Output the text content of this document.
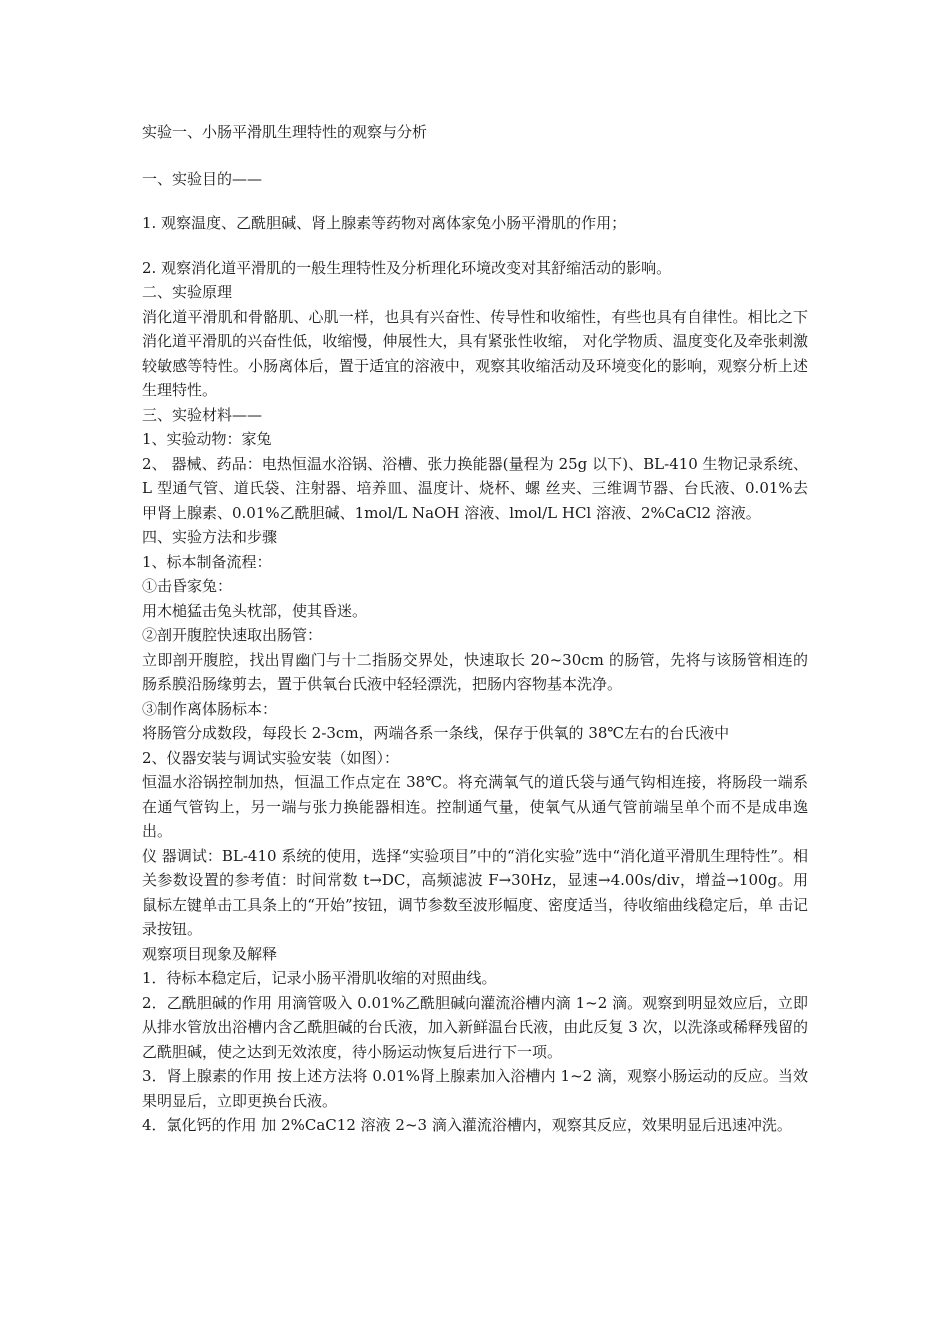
实验一、小肠平滑肌生理特性的观察与分析
一、实验目的——
1. 观察温度、乙酰胆碱、肾上腺素等药物对离体家兔小肠平滑肌的作用；
2. 观察消化道平滑肌的一般生理特性及分析理化环境改变对其舒缩活动的影响。
二、实验原理
消化道平滑肌和骨骼肌、心肌一样，也具有兴奋性、传导性和收缩性，有些也具有自律性。相比之下消化道平滑肌的兴奋性低，收缩慢，伸展性大，具有紧张性收缩， 对化学物质、温度变化及牵张刺激较敏感等特性。小肠离体后，置于适宜的溶液中，观察其收缩活动及环境变化的影响，观察分析上述生理特性。
三、实验材料——
1、实验动物：家兔
2、 器械、药品：电热恒温水浴锅、浴槽、张力换能器(量程为 25g 以下)、BL-410 生物记录系统、L 型通气管、道氏袋、注射器、培养皿、温度计、烧杯、螺 丝夹、三维调节器、台氏液、0.01%去甲肾上腺素、0.01%乙酰胆碱、1mol/L NaOH 溶液、lmol/L HCl 溶液、2%CaCl2 溶液。
四、实验方法和步骤
1、标本制备流程：
①击昏家兔：
用木槌猛击兔头枕部，使其昏迷。
②剖开腹腔快速取出肠管：
立即剖开腹腔，找出胃幽门与十二指肠交界处，快速取长 20~30cm 的肠管，先将与该肠管相连的肠系膜沿肠缘剪去，置于供氧台氏液中轻轻漂洗，把肠内容物基本洗净。
③制作离体肠标本：
将肠管分成数段，每段长 2-3cm，两端各系一条线，保存于供氧的 38℃左右的台氏液中
2、仪器安装与调试实验安装（如图）：
恒温水浴锅控制加热，恒温工作点定在 38℃。将充满氧气的道氏袋与通气钩相连接，将肠段一端系在通气管钩上，另一端与张力换能器相连。控制通气量，使氧气从通气管前端呈单个而不是成串逸出。
仪 器调试：BL-410 系统的使用，选择“实验项目”中的“消化实验”选中“消化道平滑肌生理特性”。相关参数设置的参考值：时间常数 t→DC，高频滤波 F→30Hz，显速→4.00s/div，增益→100g。用鼠标左键单击工具条上的“开始”按钮，调节参数至波形幅度、密度适当，待收缩曲线稳定后，单 击记录按钮。
观察项目现象及解释
1．待标本稳定后，记录小肠平滑肌收缩的对照曲线。
2．乙酰胆碱的作用 用滴管吸入 0.01%乙酰胆碱向灌流浴槽内滴 1~2 滴。观察到明显效应后，立即从排水管放出浴槽内含乙酰胆碱的台氏液，加入新鲜温台氏液，由此反复 3 次，以洗涤或稀释残留的乙酰胆碱，使之达到无效浓度，待小肠运动恢复后进行下一项。
3．肾上腺素的作用 按上述方法将 0.01%肾上腺素加入浴槽内 1~2 滴，观察小肠运动的反应。当效果明显后，立即更换台氏液。
4．氯化钙的作用 加 2%CaC12 溶液 2~3 滴入灌流浴槽内，观察其反应，效果明显后迅速冲洗。
